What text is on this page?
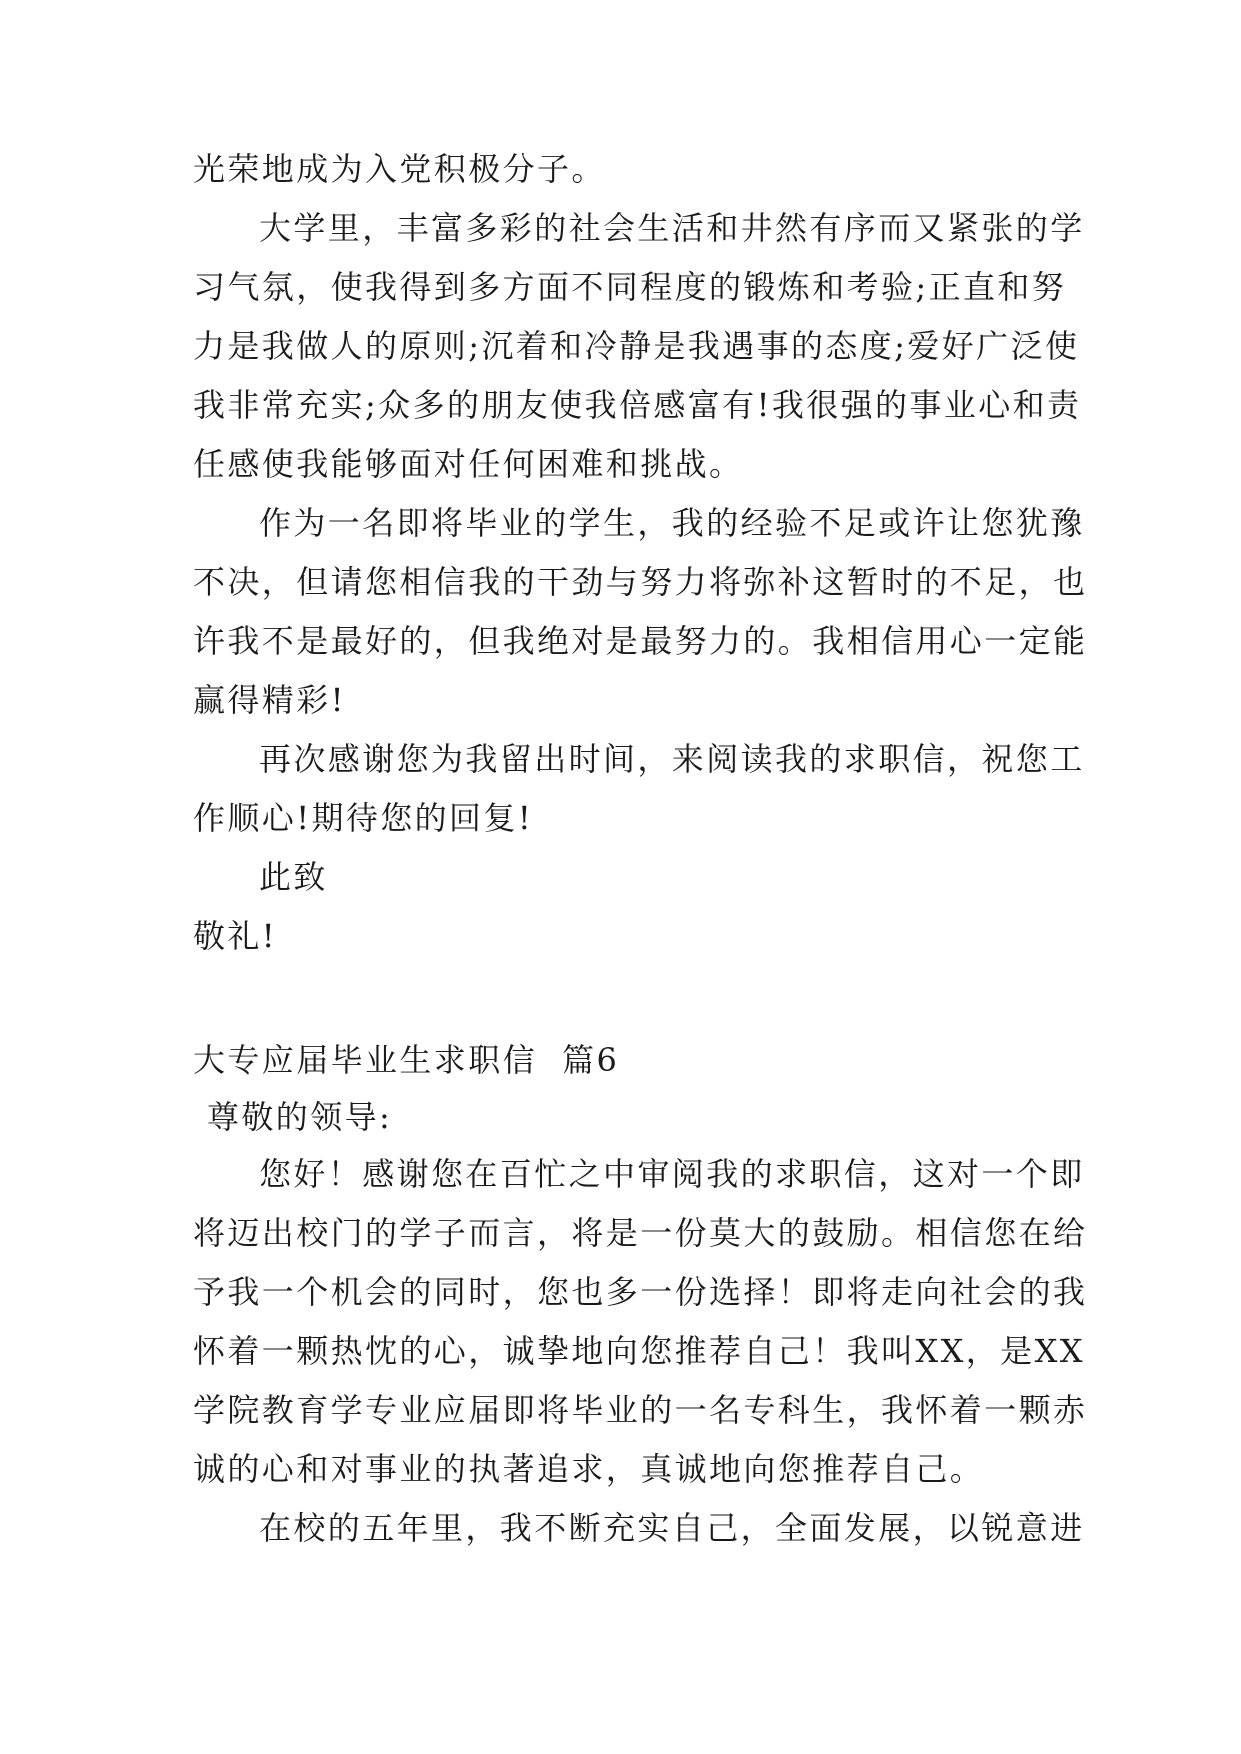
光荣地成为入党积极分子。
大学里，丰富多彩的社会生活和井然有序而又紧张的学
习气氛，使我得到多方面不同程度的锻炼和考验;正直和努
力是我做人的原则;沉着和冷静是我遇事的态度;爱好广泛使
我非常充实;众多的朋友使我倍感富有!我很强的事业心和责
任感使我能够面对任何困难和挑战。
作为一名即将毕业的学生，我的经验不足或许让您犹豫
不决，但请您相信我的干劲与努力将弥补这暂时的不足，也
许我不是最好的，但我绝对是最努力的。我相信用心一定能
赢得精彩!
再次感谢您为我留出时间，来阅读我的求职信，祝您工
作顺心!期待您的回复!
此致
敬礼!
大专应届毕业生求职信  篇6
尊敬的领导:
您好！感谢您在百忙之中审阅我的求职信，这对一个即
将迈出校门的学子而言，将是一份莫大的鼓励。相信您在给
予我一个机会的同时，您也多一份选择！即将走向社会的我
怀着一颗热忱的心，诚挚地向您推荐自己！我叫XX，是XX
学院教育学专业应届即将毕业的一名专科生，我怀着一颗赤
诚的心和对事业的执著追求，真诚地向您推荐自己。
在校的五年里，我不断充实自己，全面发展，以锐意进
